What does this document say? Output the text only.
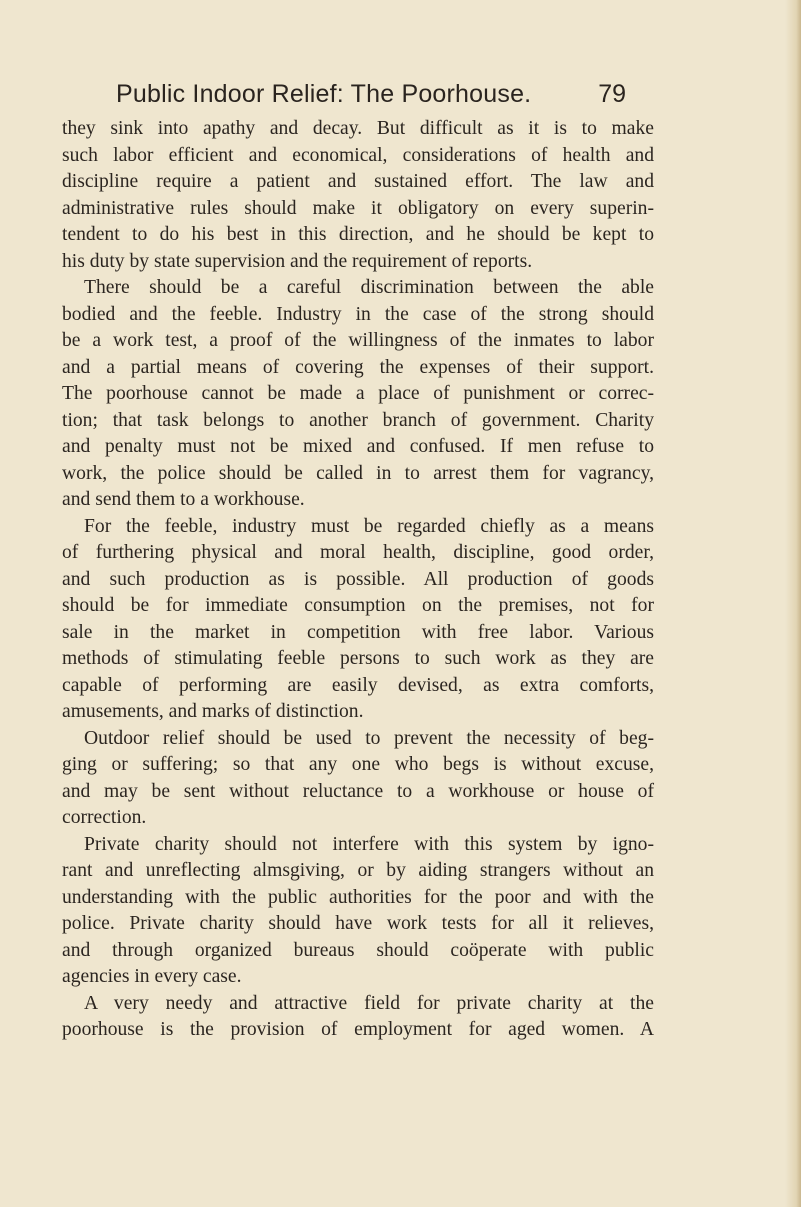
Public Indoor Relief: The Poorhouse.	79
they sink into apathy and decay. But difficult as it is to make
such labor efficient and economical, considerations of health and
discipline require a patient and sustained effort. The law and
administrative rules should make it obligatory on every superin-
tendent to do his best in this direction, and he should be kept to
his duty by state supervision and the requirement of reports.
There should be a careful discrimination between the able
bodied and the feeble. Industry in the case of the strong should
be a work test, a proof of the willingness of the inmates to labor
and a partial means of covering the expenses of their support.
The poorhouse cannot be made a place of punishment or correc-
tion; that task belongs to another branch of government. Charity
and penalty must not be mixed and confused. If men refuse to
work, the police should be called in to arrest them for vagrancy,
and send them to a workhouse.
For the feeble, industry must be regarded chiefly as a means
of furthering physical and moral health, discipline, good order,
and such production as is possible. All production of goods
should be for immediate consumption on the premises, not for
sale in the market in competition with free labor. Various
methods of stimulating feeble persons to such work as they are
capable of performing are easily devised, as extra comforts,
amusements, and marks of distinction.
Outdoor relief should be used to prevent the necessity of beg-
ging or suffering; so that any one who begs is without excuse,
and may be sent without reluctance to a workhouse or house of
correction.
Private charity should not interfere with this system by igno-
rant and unreflecting almsgiving, or by aiding strangers without an
understanding with the public authorities for the poor and with the
police. Private charity should have work tests for all it relieves,
and through organized bureaus should coöperate with public
agencies in every case.
A very needy and attractive field for private charity at the
poorhouse is the provision of employment for aged women. A
